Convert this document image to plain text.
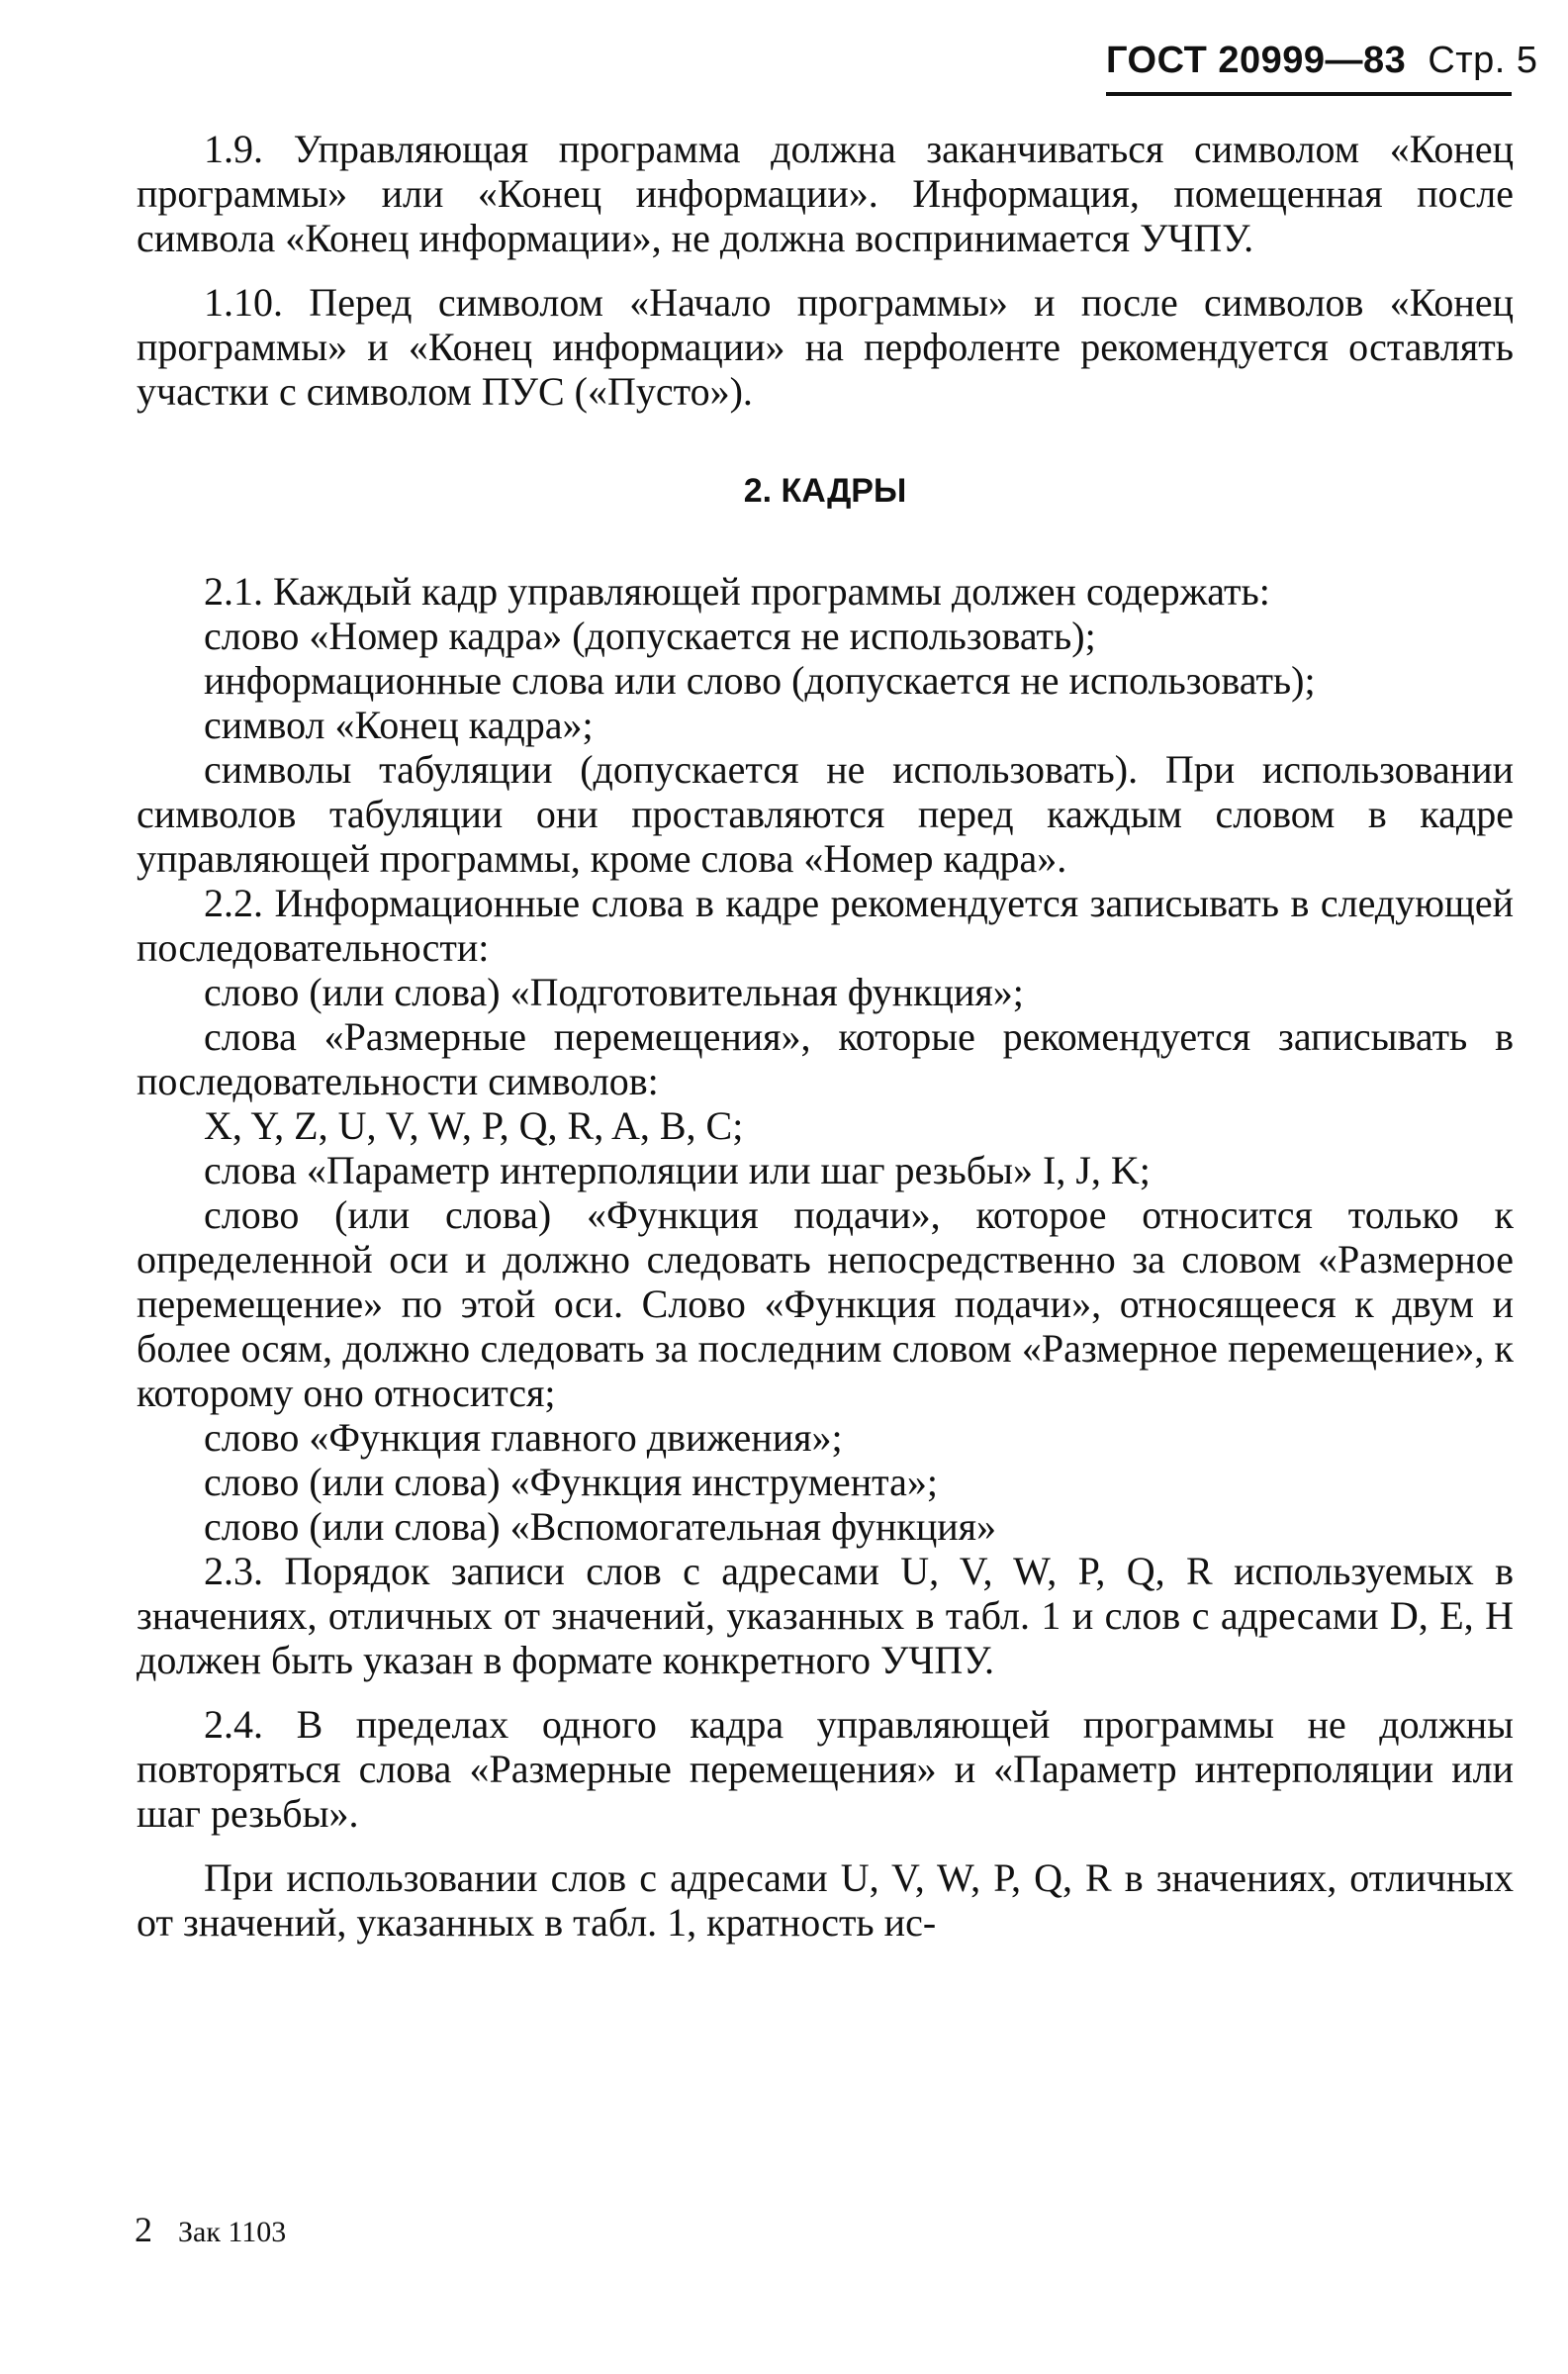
ГОСТ 20999—83 Стр. 5

1.9. Управляющая программа должна заканчиваться символом «Конец программы» или «Конец информации». Информация, помещенная после символа «Конец информации», не должна воспринимается УЧПУ.

1.10. Перед символом «Начало программы» и после символов «Конец программы» и «Конец информации» на перфоленте рекомендуется оставлять участки с символом ПУС («Пусто»).

2. КАДРЫ

2.1. Каждый кадр управляющей программы должен содержать:

слово «Номер кадра» (допускается не использовать);

информационные слова или слово (допускается не использовать);

символ «Конец кадра»;

символы табуляции (допускается не использовать). При использовании символов табуляции они проставляются перед каждым словом в кадре управляющей программы, кроме слова «Номер кадра».

2.2. Информационные слова в кадре рекомендуется записывать в следующей последовательности:

слово (или слова) «Подготовительная функция»;

слова «Размерные перемещения», которые рекомендуется записывать в последовательности символов:

X, Y, Z, U, V, W, P, Q, R, A, B, C;

слова «Параметр интерполяции или шаг резьбы» I, J, K;

слово (или слова) «Функция подачи», которое относится только к определенной оси и должно следовать непосредственно за словом «Размерное перемещение» по этой оси. Слово «Функция подачи», относящееся к двум и более осям, должно следовать за последним словом «Размерное перемещение», к которому оно относится;

слово «Функция главного движения»;

слово (или слова) «Функция инструмента»;

слово (или слова) «Вспомогательная функция»

2.3. Порядок записи слов с адресами U, V, W, P, Q, R используемых в значениях, отличных от значений, указанных в табл. 1 и слов с адресами D, E, H должен быть указан в формате конкретного УЧПУ.

2.4. В пределах одного кадра управляющей программы не должны повторяться слова «Размерные перемещения» и «Параметр интерполяции или шаг резьбы».

При использовании слов с адресами U, V, W, P, Q, R в значениях, отличных от значений, указанных в табл. 1, кратность ис-

2 Зак 1103
